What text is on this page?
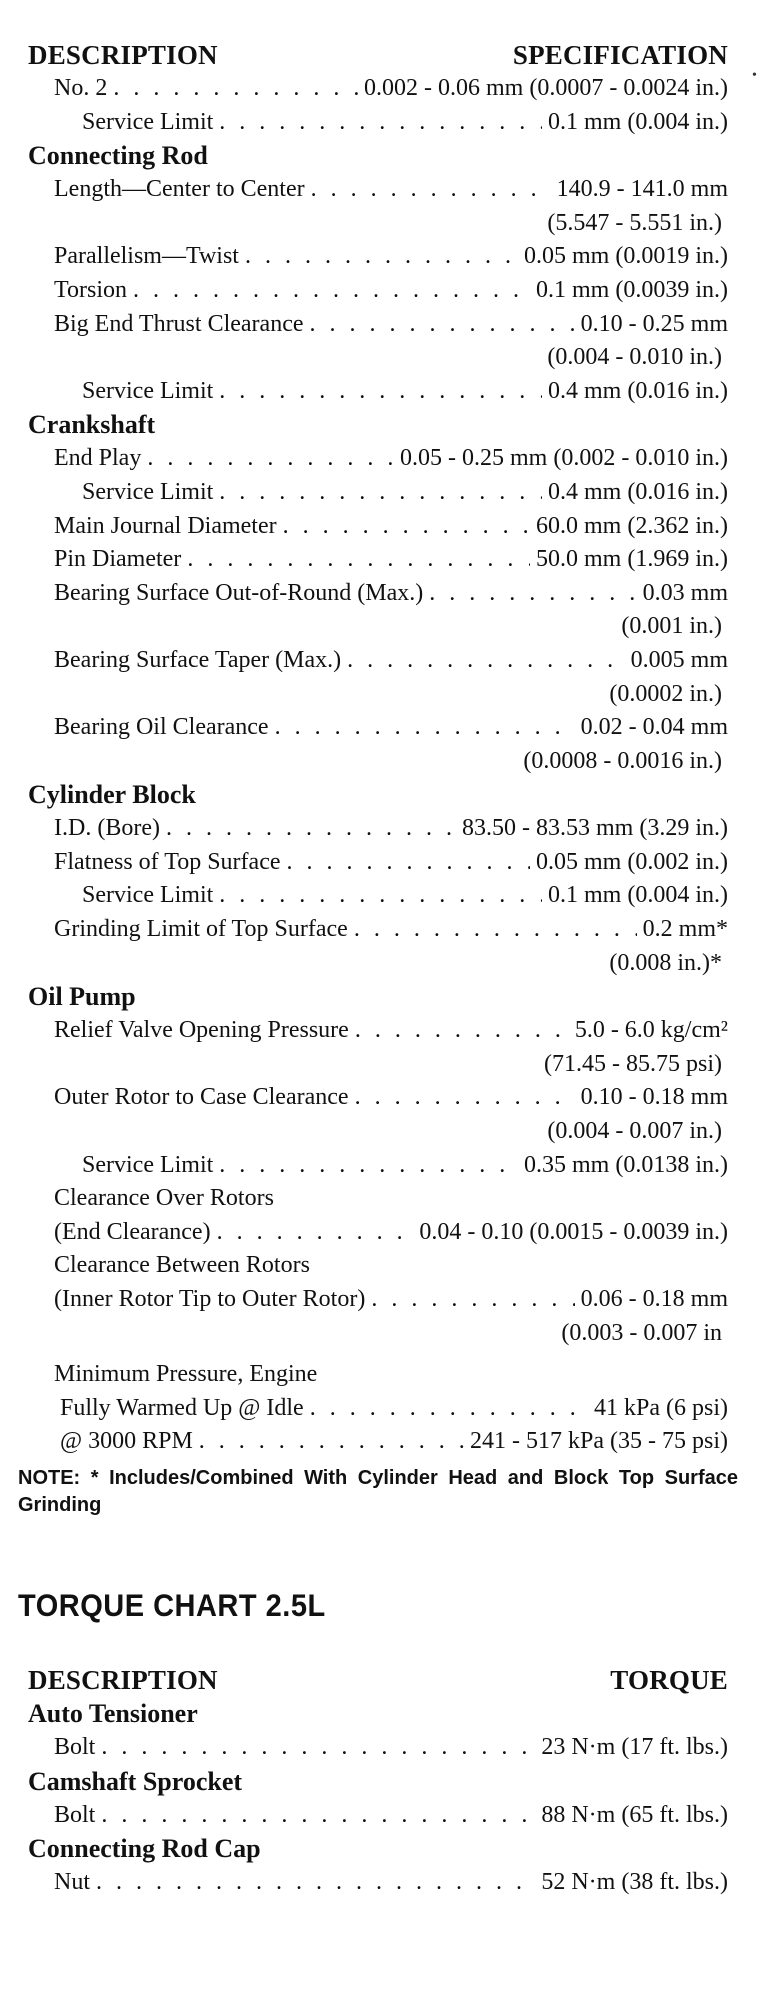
•
DESCRIPTION	SPECIFICATION
No. 2 . . .	0.002 - 0.06 mm (0.0007 - 0.0024 in.)
Service Limit . . .	0.1 mm (0.004 in.)
Connecting Rod
Length—Center to Center . . .	140.9 - 141.0 mm
(5.547 - 5.551 in.)
Parallelism—Twist . . .	0.05 mm (0.0019 in.)
Torsion . . .	0.1 mm (0.0039 in.)
Big End Thrust Clearance . . .	0.10 - 0.25 mm
(0.004 - 0.010 in.)
Service Limit . . .	0.4 mm (0.016 in.)
Crankshaft
End Play . . .	0.05 - 0.25 mm (0.002 - 0.010 in.)
Service Limit . . .	0.4 mm (0.016 in.)
Main Journal Diameter . . .	60.0 mm (2.362 in.)
Pin Diameter . . .	50.0 mm (1.969 in.)
Bearing Surface Out-of-Round (Max.) . . .	0.03 mm
(0.001 in.)
Bearing Surface Taper (Max.) . . .	0.005 mm
(0.0002 in.)
Bearing Oil Clearance . . .	0.02 - 0.04 mm
(0.0008 - 0.0016 in.)
Cylinder Block
I.D. (Bore) . . .	83.50 - 83.53 mm (3.29 in.)
Flatness of Top Surface . . .	0.05 mm (0.002 in.)
Service Limit . . .	0.1 mm (0.004 in.)
Grinding Limit of Top Surface . . .	0.2 mm*
(0.008 in.)*
Oil Pump
Relief Valve Opening Pressure . . .	5.0 - 6.0 kg/cm²
(71.45 - 85.75 psi)
Outer Rotor to Case Clearance . . .	0.10 - 0.18 mm
(0.004 - 0.007 in.)
Service Limit . . .	0.35 mm (0.0138 in.)
Clearance Over Rotors
(End Clearance) . . .	0.04 - 0.10 (0.0015 - 0.0039 in.)
Clearance Between Rotors
(Inner Rotor Tip to Outer Rotor) . . .	0.06 - 0.18 mm
(0.003 - 0.007 in
Minimum Pressure, Engine
Fully Warmed Up @ Idle . . .	41 kPa (6 psi)
@ 3000 RPM . . .	241 - 517 kPa (35 - 75 psi)
NOTE: * Includes/Combined With Cylinder Head and Block Top Surface Grinding
TORQUE CHART 2.5L
DESCRIPTION	TORQUE
Auto Tensioner
Bolt . . .	23 N·m (17 ft. lbs.)
Camshaft Sprocket
Bolt . . .	88 N·m (65 ft. lbs.)
Connecting Rod Cap
Nut . . .	52 N·m (38 ft. lbs.)
